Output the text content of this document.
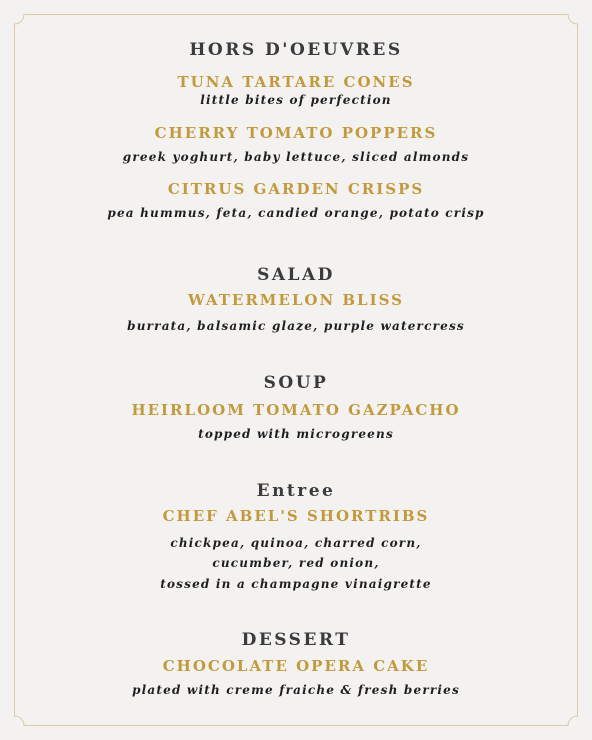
HORS D'OEUVRES
TUNA TARTARE CONES
little bites of perfection
CHERRY TOMATO POPPERS
greek yoghurt, baby lettuce, sliced almonds
CITRUS GARDEN CRISPS
pea hummus, feta, candied orange, potato crisp
SALAD
WATERMELON BLISS
burrata, balsamic glaze, purple watercress
SOUP
HEIRLOOM TOMATO GAZPACHO
topped with microgreens
Entree
CHEF ABEL'S SHORTRIBS
chickpea, quinoa, charred corn,
cucumber, red onion,
tossed in a champagne vinaigrette
DESSERT
CHOCOLATE OPERA CAKE
plated with creme fraiche & fresh berries
